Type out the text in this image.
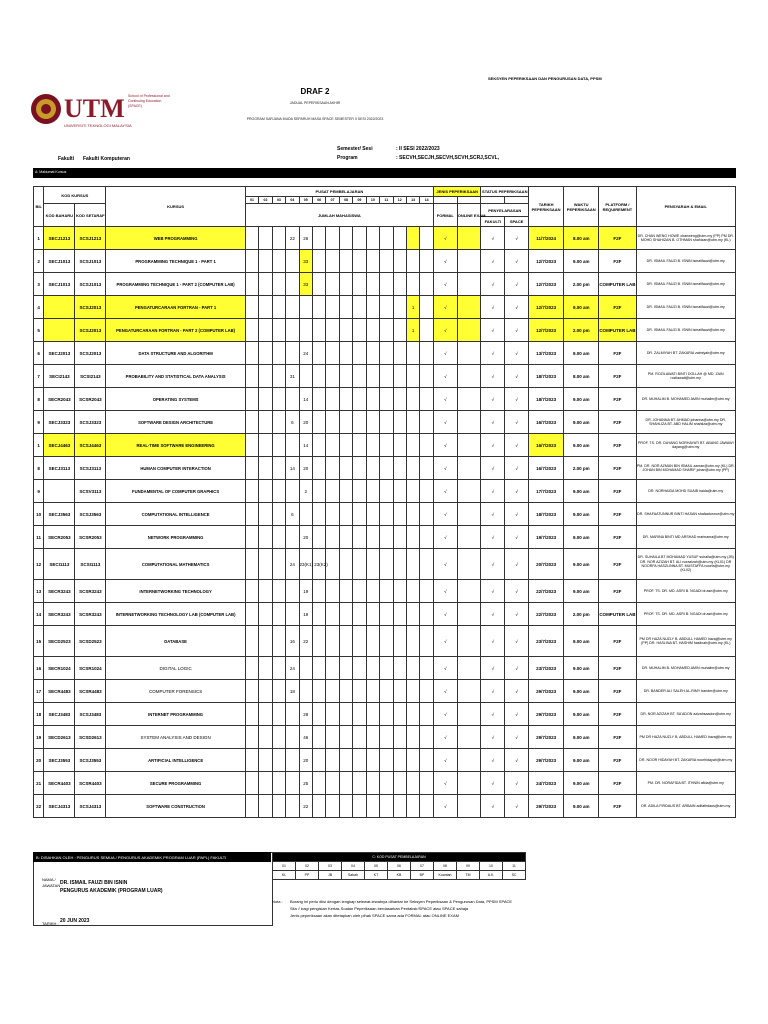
UTM
UNIVERSITI TEKNOLOGI MALAYSIA
School of Professional and
Continuing Education
(SPACE)
SEKSYEN PEPERIKSAAN DAN PENGURUSAN DATA, PPSM
DRAF 2
JADUAL PEPERIKSAAN AKHIR
PROGRAM SARJANA MUDA SEPARUH MASA SPACE SEMESTER II SESI 2022/2023
Semester/ Sesi	: II SESI 2022/2023
Program	: SECVH,SECJH,SECVH,SCVH,SCRJ,SCVL,
Fakulti Fakulti Komputeran
A: Maklumat Kursus
BIL	KOD KURSUS		KURSUS	PUSAT PEMBELAJARAN														JENIS PEPERIKSAAN		STATUS PEPERIKSAAN		TARIKH PEPERIKSAAN	WAKTU PEPERIKSAAN	PLATFORM / REQUIREMENT	PENSYARAH & EMAIL
				01	02	03	04	05	06	07	08	09	10	11	12	13	14								
	KOD BAHARU	KOD SETARAF		JUMLAH MAHASISWA														FORMAL	ONLINE EXAM	PENYELARASAN					
																				FAKULTI	SPACE				
1	SECJ1213	SCSJ1213	WEB PROGRAMMING				22	26										√		√	√	11/7/2024	8.00 am	F2F	DR. CHAN WENG HOWE chanweng@utm.my (PP) PM DR. MOHD SHAHIZAN B. OTHMAN shahizan@utm.my (KL)
2	SECJ1013	SCSJ1013	PROGRAMMING TECHNIQUE 1 - PART 1					33										√		√	√	12/7/2023	9.00 am	F2F	DR. ISMAIL FAUZI B. ISNIN ismailfauzi@utm.my
3	SECJ1013	SCSJ1013	PROGRAMMING TECHNIQUE 1 - PART 2 (COMPUTER LAB)					33										√		√	√	12/7/2023	2.00 pm	COMPUTER LAB	DR. ISMAIL FAUZI B. ISNIN ismailfauzi@utm.my
4		SCSJ2013	PENGATURCARAAN FORTRAN - PART 1													1		√		√	√	12/7/2023	9.00 am	F2F	DR. ISMAIL FAUZI B. ISNIN ismailfauzi@utm.my
5		SCSJ2013	PENGATURCARAAN FORTRAN - PART 2 (COMPUTER LAB)													1		√		√	√	12/7/2023	2.00 pm	COMPUTER LAB	DR. ISMAIL FAUZI B. ISNIN ismailfauzi@utm.my
6	SECJ2013	SCSJ2013	DATA STRUCTURE AND ALGORITHM					24										√		√	√	13/7/2023	9.00 am	F2F	DR. ZALMIYAH BT. ZAKARIA zalmiyah@utm.my
7	SECI2143	SCSI2143	PROBABILITY AND STATISTICAL DATA ANALYSIS				31											√		√	√	18/7/2023	8.00 am	F2F	PM. ROZILAWATI BINTI DOLLAH @ MD. ZAIN rozilawati@utm.my
8	SECR2043	SCSR2043	OPERATING SYSTEMS					14										√		√	√	18/7/2023	9.00 am	F2F	DR. MUHALIM B. MOHAMED AMIN muhalim@utm.my
9	SECJ3323	SCSJ3323	SOFTWARE DESIGN ARCHITECTURE				6	20										√		√	√	16/7/2023	9.00 am	F2F	DR. JOHANNA BT. AHMAD johanna@utm.my DR. SHAHLIZA BT. ABD HALIM shahliza@utm.my
1	SECJ4463	SCSJ4463	REAL-TIME SOFTWARE ENGINEERING					14										√		√	√	16/7/2023	9.00 am	F2F	PROF. TS. DR. DAYANG NORHAYATI BT. ABANG JAWAWI dayang@utm.my
8	SECJ3113	SCSJ3113	HUMAN COMPUTER INTERACTION				14	20										√		√	√	16/7/2023	2.00 pm	F2F	PM. DR. NOR AZMAN BIN ISMAIL azman@utm.my (KL) DR. JOHAN BIN MOHAMAD SHARIF johan@utm.my (PP)
9		SCSV3113	FUNDAMENTAL OF COMPUTER GRAPHICS					2										√		√	√	17/7/2023	9.00 am	F2F	DR. NORHAIDA MOHD SUAIB haida@utm.my
10	SECJ3563	SCSJ3563	COMPUTATIONAL INTELLIGENCE				6											√		√	√	18/7/2023	9.00 am	F2F	DR. SHAFAATUNNUR BINTI HASAN shafaatunnur@utm.my
11	SECR2053	SCSR2053	NETWORK PROGRAMMING					20										√		√	√	19/7/2023	9.00 am	F2F	DR. MARINA BINTI MD ARSHAD marinama@utm.my
12	SECI1113	SCSI1113	COMPUTATIONAL MATHEMATICS				24	23(K1) 23(K2)										√		√	√	20/7/2023	9.00 am	F2F	DR. SUHAILA BT MOHAMAD YUSUF suhaila@utm.my (JB) DR. NOR AZIZAH BT. ALI norazizah@utm.my (KL01) DR NOORFA HASZLINNA BT. MUSTAFFA noorfa@utm.my (KL02)
13	SECR3243	SCSR3243	INTERNETWORKING TECHNOLOGY					19										√		√	√	22/7/2023	9.00 am	F2F	PROF. TS. DR. MD. ASRI B. NGADI dr.asri@utm.my
14	SECR3243	SCSR3243	INTERNETWORKING TECHNOLOGY LAB (COMPUTER LAB)					19										√		√	√	22/7/2023	2.00 pm	COMPUTER LAB	PROF. TS. DR. MD. ASRI B. NGADI dr.asri@utm.my
15	SECD2523	SCSD2523	DATABASE				16	22										√		√	√	23/7/2023	9.00 am	F2F	PM DR HAZA NUZLY B. ABDULL HAMED hazaj@utm.my (PP) DR. HASLINA BT. HASHIM haslinah@utm.my (KL)
16	SECR1024	SCSR1024	DIGITAL LOGIC				24											√		√	√	23/7/2023	9.00 am	F2F	DR. MUHALIM B. MOHAMED AMIN muhalim@utm.my
17	SECR4483	SCSR4483	COMPUTER FORENSICS				18											√		√	√	29/7/2023	9.00 am	F2F	DR. BANDER ALI SALEH AL-RIMY bander@utm.my
18	SECJ3483	SCSJ3483	INTERNET PROGRAMMING					28										√		√	√	29/7/2023	9.00 am	F2F	DR. NOR AZIZAH BT. SA'ADON azizahsaadon@utm.my
19	SECD2613	SCSD2613	SYSTEM ANALYSIS AND DESIGN					46										√		√	√	29/7/2023	9.00 am	F2F	PM DR HAZA NUZLY B. ABDULL HAMED hazaj@utm.my
20	SECJ3553	SCSJ3553	ARTIFICIAL INTELLIGENCE					20										√		√	√	29/7/2023	9.00 am	F2F	DR. NOOR HIDAYAH BT. ZAKARIA noorhidayah@utm.my
21	SECR4403	SCSR4403	SECURE PROGRAMMING					25										√		√	√	24/7/2023	9.00 am	F2F	PM. DR. NORAFIDA BT. ITHNIN afida@utm.my
22	SECJ4313	SCSJ4313	SOFTWARE CONSTRUCTION					22										√		√	√	29/7/2023	9.00 am	F2F	DR. ADILA FIRDAUS BT. ARBAIN adilafirdaus@utm.my
B: DISAHKAN OLEH : PENGURUS SEMUA / PENGURUS AKADEMIK PROGRAM LUAR (PAPL) FAKULTI
NAMA /
JAWATAN :
DR. ISMAIL FAUZI BIN ISNIN
PENGURUS AKADEMIK (PROGRAM LUAR)
TARIKH : 20 JUN 2023
C: KOD PUSAT PEMBELAJARAN										
01	02	03	04	05	06	07	08	09	10	11
KL	PP	JB	Sabah	KT	KB	BP	Kuantan	TM	A.K.	SC
Nota : Borang ini perlu diisi dengan lengkap selewat-lewatnya dihantar ke Seksyen Peperiksaan & Pengurusan Data, PPSM SPACE
Sila √ bagi pengisian Kertas Soalan Peperiksaan berdasarkan Pentaksir/SPACE atau SPACE sahaja
Jenis peperiksaan akan ditetapkan oleh pihak SPACE sama ada FORMAL atau ONLINE EXAM
